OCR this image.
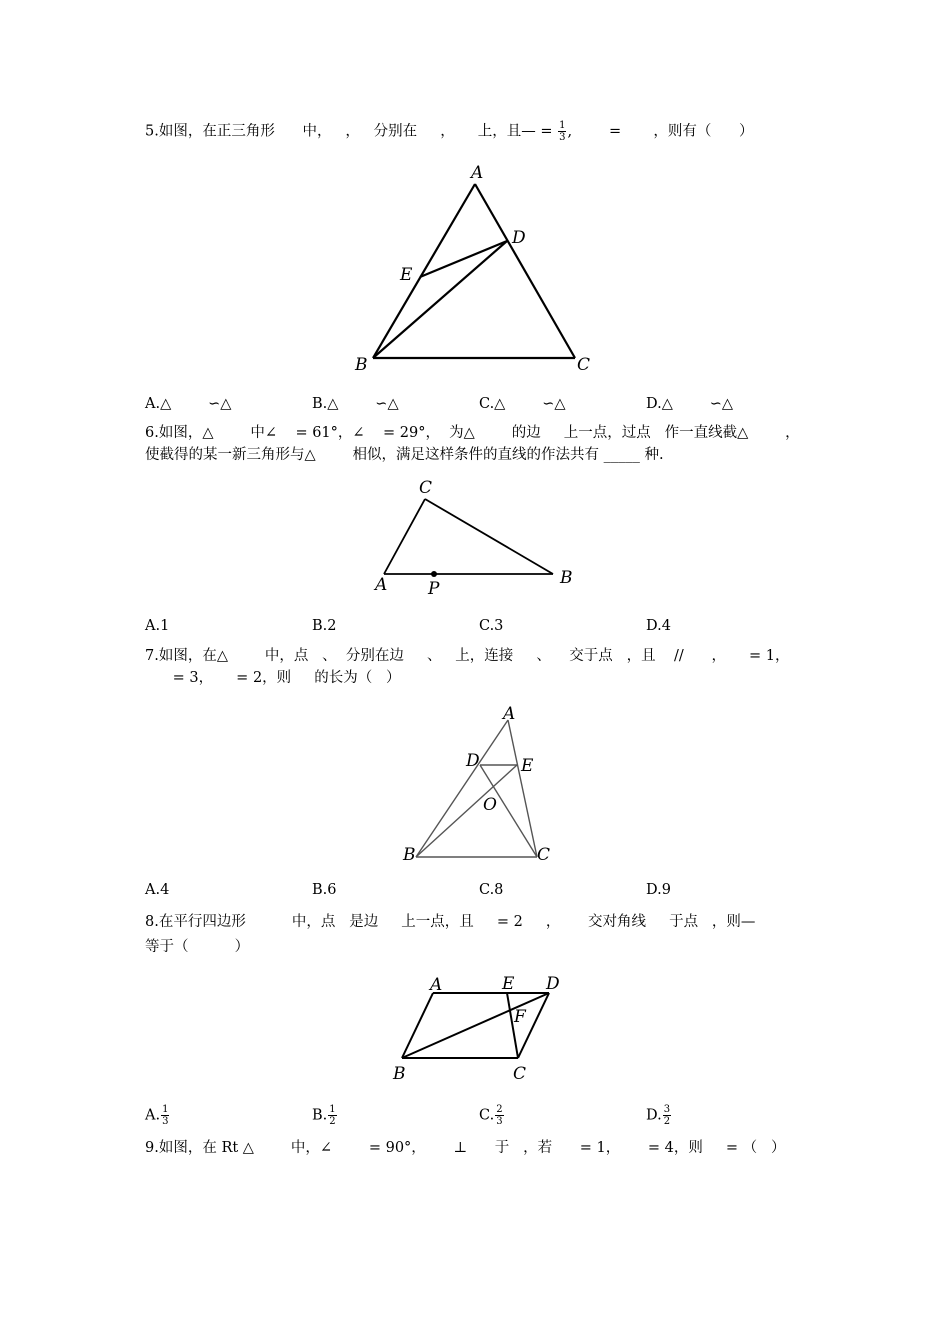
5.如图，在正三角形      中，   ，   分别在     ，     上，且— = $\frac{1}{3}$ ,        =       ，则有（      ）
A
B	C
D
E
A.△        ∽△	B.△        ∽△	C.△        ∽△	D.△        ∽△
6.如图，△        中∠    = 61°，∠    = 29°，  为△        的边     上一点，过点   作一直线截△        ，
使截得的某一新三角形与△        相似，满足这样条件的直线的作法共有 _____ 种.
C
A	B
P
A.1	B.2	C.3	D.4
7.如图，在△        中，点   、  分别在边     、   上，连接     、    交于点   ，且    //      ，     = 1，
= 3，     = 2，则     的长为（   ）
A
B	C
D E
O
A.4	B.6	C.8	D.9
8.在平行四边形          中，点   是边     上一点，且     = 2     ，      交对角线     于点   ，则—
等于（          ）
A
B	C
D
E
F
A. $\frac{1}{3}$	B. $\frac{1}{2}$	C. $\frac{2}{3}$	D. $\frac{3}{2}$
9.如图，在 Rt △        中，∠        = 90°，      ⊥      于   ，若      = 1，      = 4，则     = （   ）
